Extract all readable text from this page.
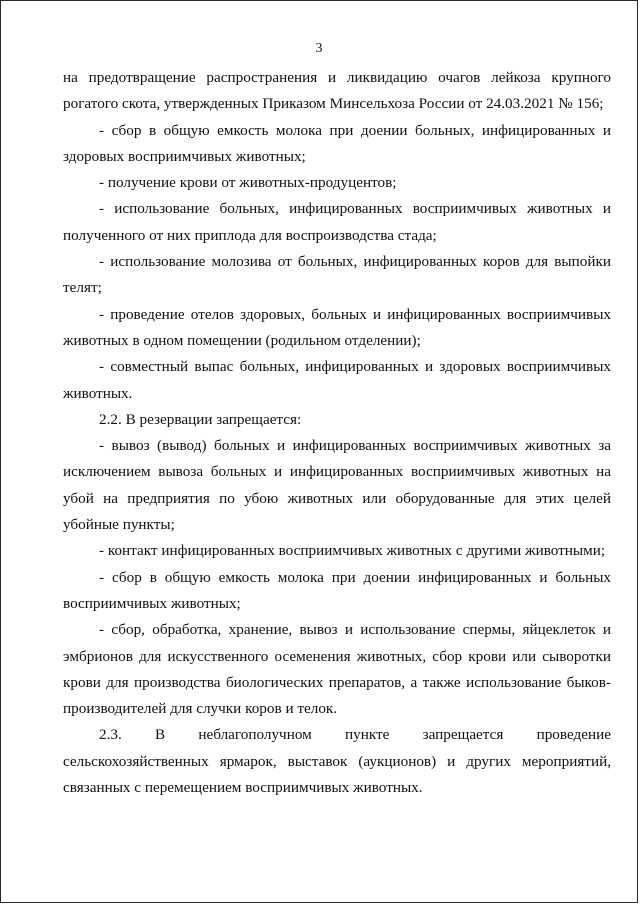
3

на предотвращение распространения и ликвидацию очагов лейкоза крупного рогатого скота, утвержденных Приказом Минсельхоза России от 24.03.2021 № 156;

- сбор в общую емкость молока при доении больных, инфицированных и здоровых восприимчивых животных;

- получение крови от животных-продуцентов;

- использование больных, инфицированных восприимчивых животных и полученного от них приплода для воспроизводства стада;

- использование молозива от больных, инфицированных коров для выпойки телят;

- проведение отелов здоровых, больных и инфицированных восприимчивых животных в одном помещении (родильном отделении);

- совместный выпас больных, инфицированных и здоровых восприимчивых животных.

2.2. В резервации запрещается:

- вывоз (вывод) больных и инфицированных восприимчивых животных за исключением вывоза больных и инфицированных восприимчивых животных на убой на предприятия по убою животных или оборудованные для этих целей убойные пункты;

- контакт инфицированных восприимчивых животных с другими животными;

- сбор в общую емкость молока при доении инфицированных и больных восприимчивых животных;

- сбор, обработка, хранение, вывоз и использование спермы, яйцеклеток и эмбрионов для искусственного осеменения животных, сбор крови или сыворотки крови для производства биологических препаратов, а также использование быков-производителей для случки коров и телок.

2.3. В неблагополучном пункте запрещается проведение сельскохозяйственных ярмарок, выставок (аукционов) и других мероприятий, связанных с перемещением восприимчивых животных.
